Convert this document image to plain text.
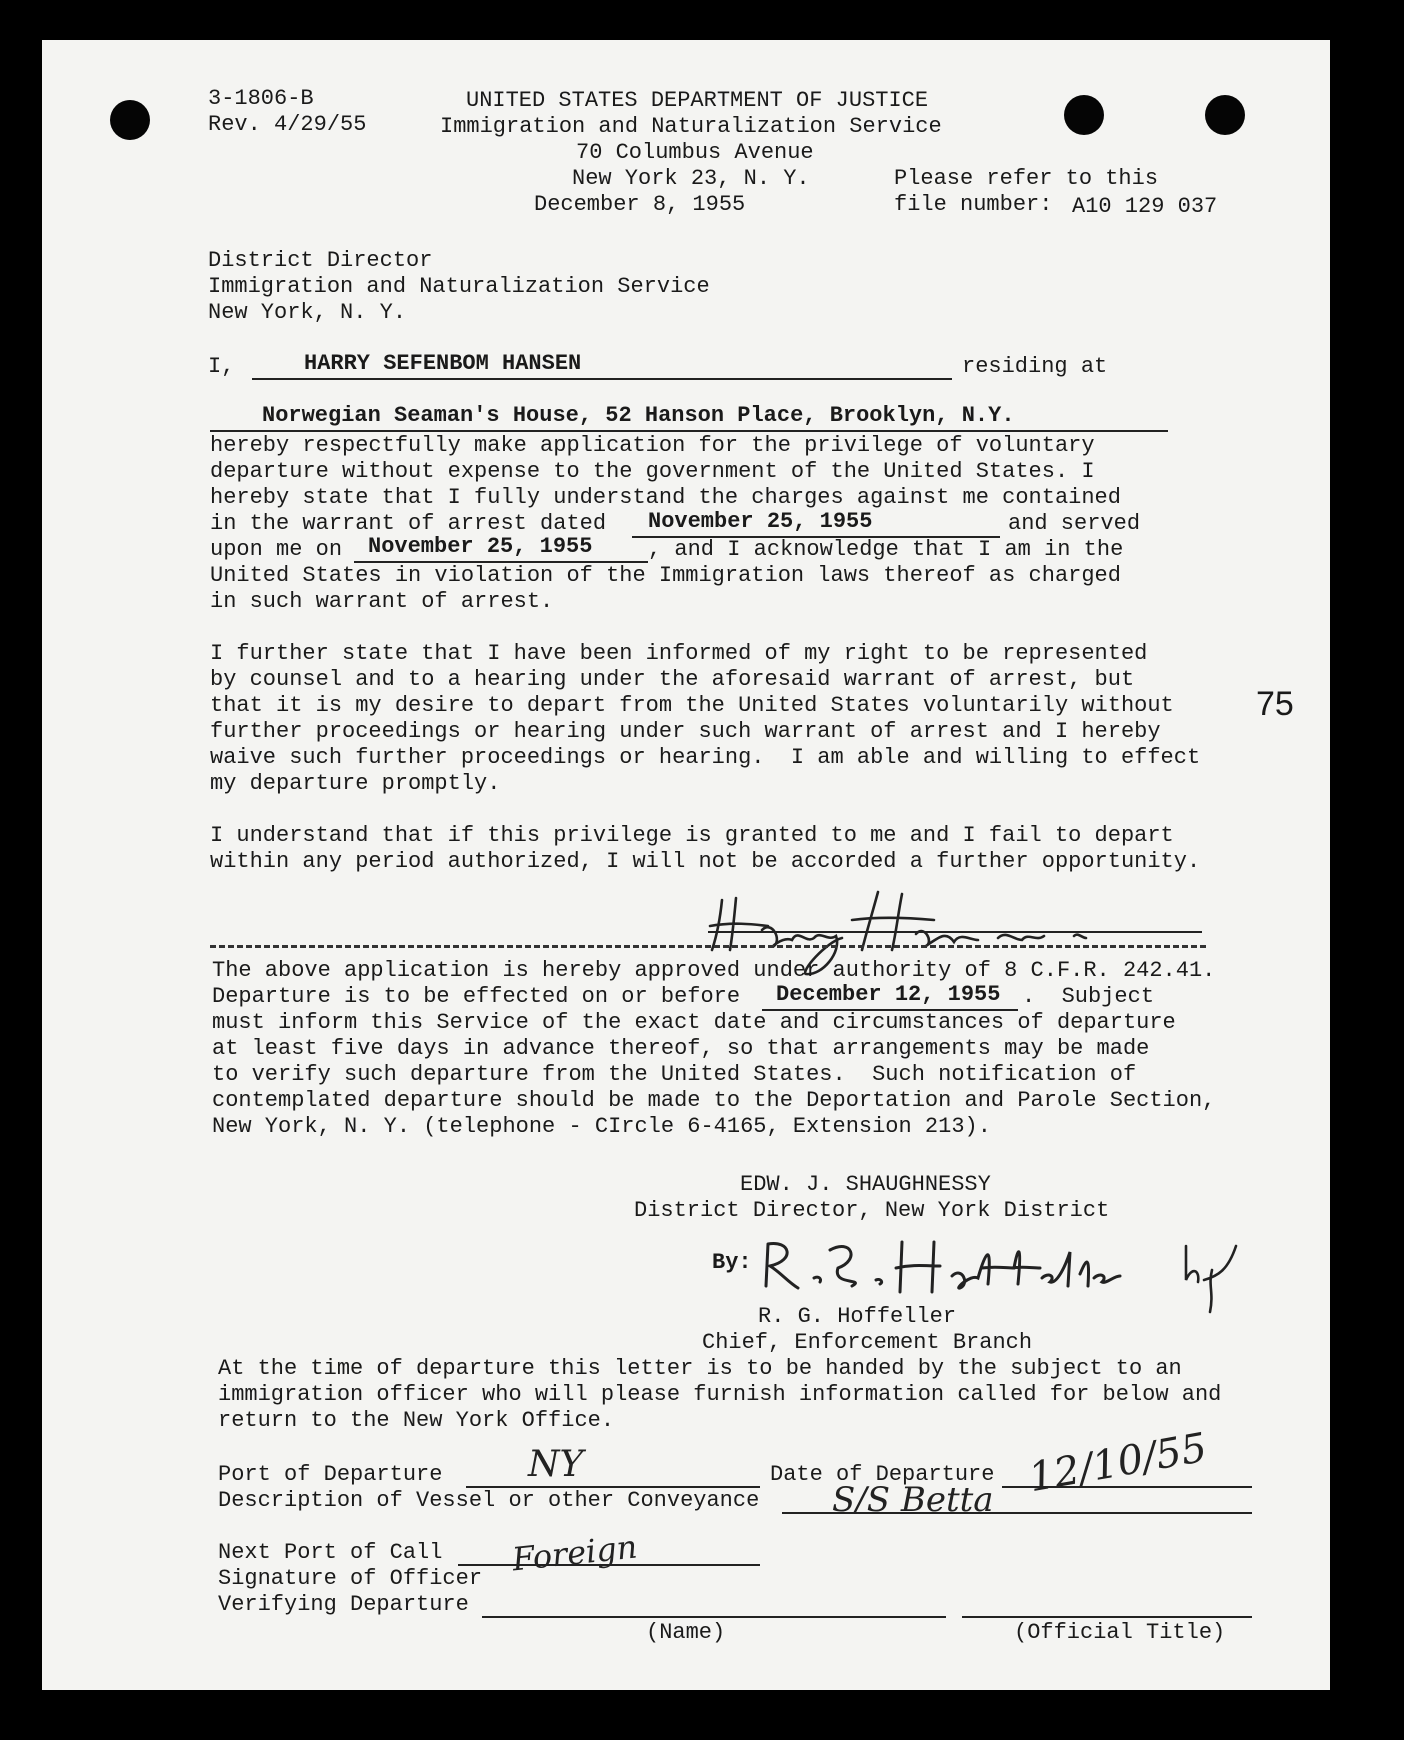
3-1806-B
Rev. 4/29/55
UNITED STATES DEPARTMENT OF JUSTICE
Immigration and Naturalization Service
70 Columbus Avenue
New York 23, N. Y.
December 8, 1955
Please refer to this
file number: A10 129 037
District Director
Immigration and Naturalization Service
New York, N. Y.
I,	HARRY SEFENBOM HANSEN	residing at
Norwegian Seaman's House, 52 Hanson Place, Brooklyn, N.Y.
hereby respectfully make application for the privilege of voluntary
departure without expense to the government of the United States. I
hereby state that I fully understand the charges against me contained
in the warrant of arrest dated November 25, 1955	and served
upon me on November 25, 1955	, and I acknowledge that I am in the
United States in violation of the Immigration laws thereof as charged
in such warrant of arrest.
I further state that I have been informed of my right to be represented
by counsel and to a hearing under the aforesaid warrant of arrest, but
that it is my desire to depart from the United States voluntarily without
further proceedings or hearing under such warrant of arrest and I hereby
waive such further proceedings or hearing.  I am able and willing to effect
my departure promptly.
75
I understand that if this privilege is granted to me and I fail to depart
within any period authorized, I will not be accorded a further opportunity.
The above application is hereby approved under authority of 8 C.F.R. 242.41.
Departure is to be effected on or before December 12, 1955 .  Subject
must inform this Service of the exact date and circumstances of departure
at least five days in advance thereof, so that arrangements may be made
to verify such departure from the United States.  Such notification of
contemplated departure should be made to the Deportation and Parole Section,
New York, N. Y. (telephone - CIrcle 6-4165, Extension 213).
EDW. J. SHAUGHNESSY
District Director, New York District
By:
R. G. Hoffeller
Chief, Enforcement Branch
At the time of departure this letter is to be handed by the subject to an
immigration officer who will please furnish information called for below and
return to the New York Office.
Port of Departure NY	Date of Departure 12/10/55
Description of Vessel or other Conveyance S/S Betta
Next Port of Call Foreign
Signature of Officer
Verifying Departure
(Name)	(Official Title)
